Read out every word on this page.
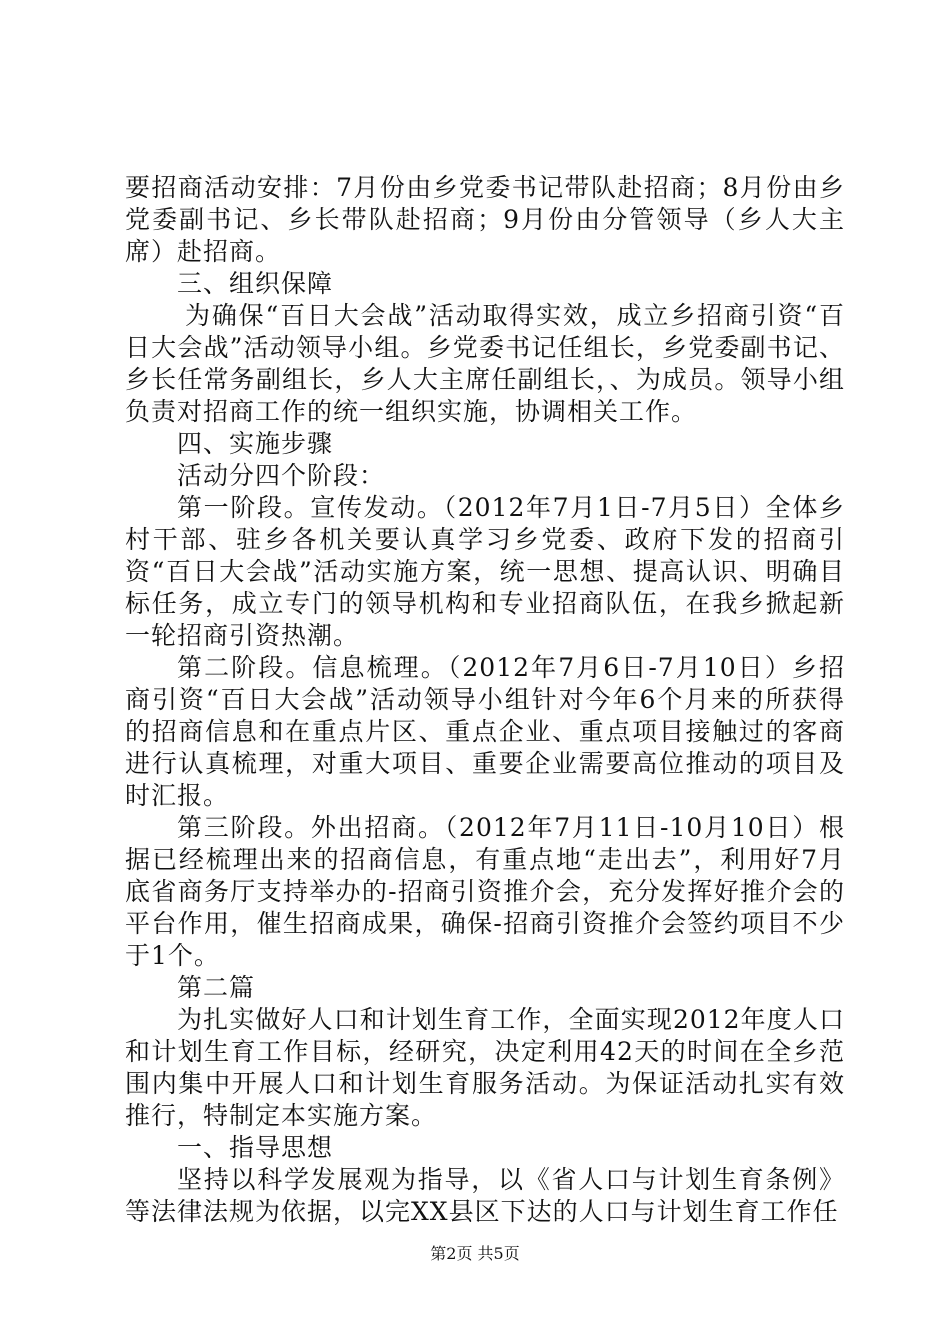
要招商活动安排：7月份由乡党委书记带队赴招商；8月份由乡党委副书记、乡长带队赴招商；9月份由分管领导（乡人大主席）赴招商。

三、组织保障

为确保“百日大会战”活动取得实效，成立乡招商引资“百日大会战”活动领导小组。乡党委书记任组长，乡党委副书记、乡长任常务副组长，乡人大主席任副组长，、为成员。领导小组负责对招商工作的统一组织实施，协调相关工作。

四、实施步骤

活动分四个阶段：

第一阶段。宣传发动。（2012年7月1日-7月5日）全体乡村干部、驻乡各机关要认真学习乡党委、政府下发的招商引资“百日大会战”活动实施方案，统一思想、提高认识、明确目标任务，成立专门的领导机构和专业招商队伍，在我乡掀起新一轮招商引资热潮。

第二阶段。信息梳理。（2012年7月6日-7月10日）乡招商引资“百日大会战”活动领导小组针对今年6个月来的所获得的招商信息和在重点片区、重点企业、重点项目接触过的客商进行认真梳理，对重大项目、重要企业需要高位推动的项目及时汇报。

第三阶段。外出招商。（2012年7月11日-10月10日）根据已经梳理出来的招商信息，有重点地“走出去”，利用好7月底省商务厅支持举办的-招商引资推介会，充分发挥好推介会的平台作用，催生招商成果，确保-招商引资推介会签约项目不少于1个。

第二篇

为扎实做好人口和计划生育工作，全面实现2012年度人口和计划生育工作目标，经研究，决定利用42天的时间在全乡范围内集中开展人口和计划生育服务活动。为保证活动扎实有效推行，特制定本实施方案。

一、指导思想

坚持以科学发展观为指导，以《省人口与计划生育条例》等法律法规为依据，以完XX县区下达的人口与计划生育工作任

第2页 共5页
